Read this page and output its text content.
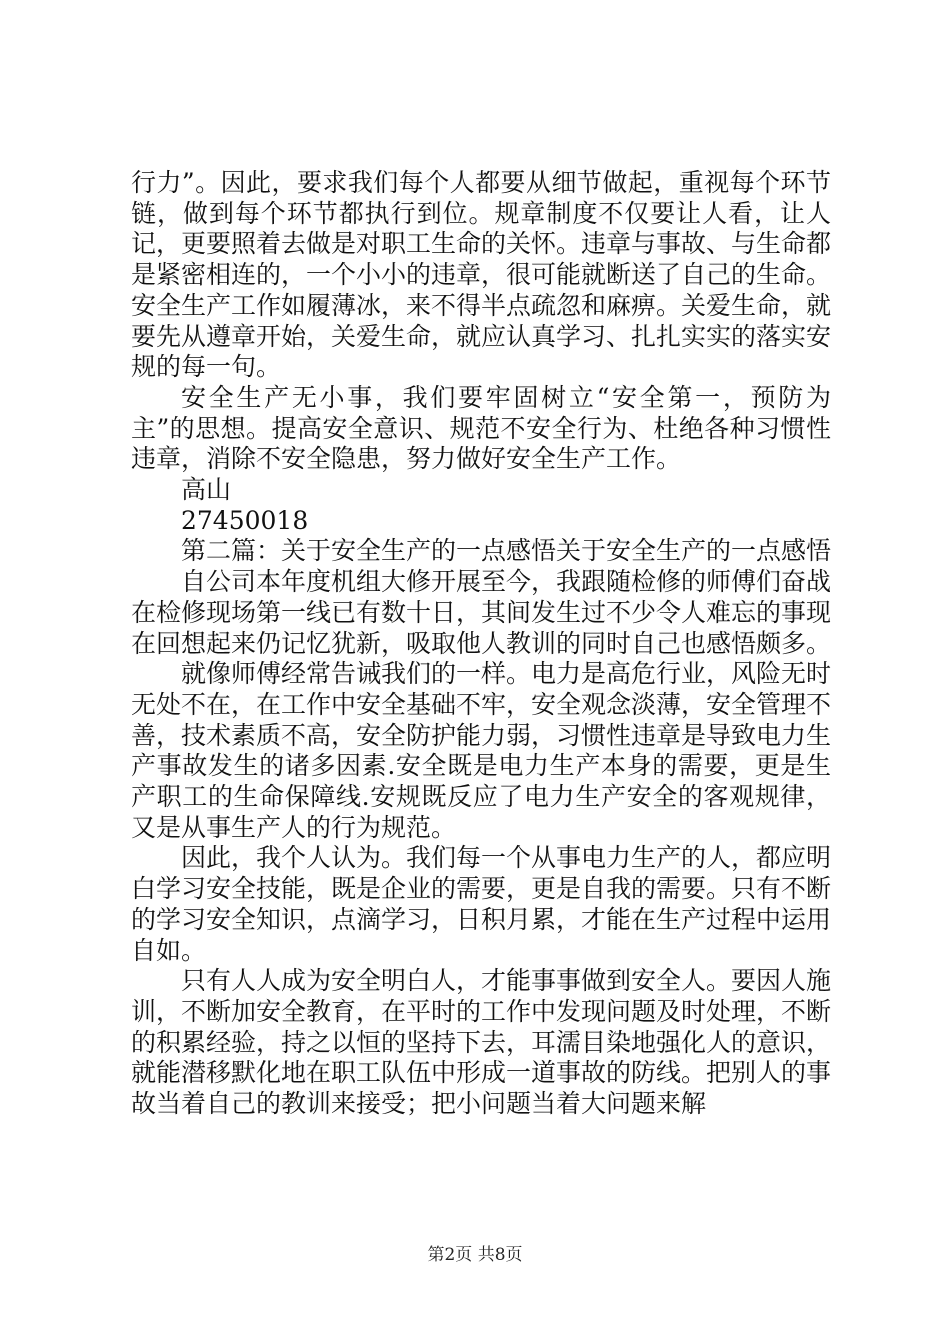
行力”。因此，要求我们每个人都要从细节做起，重视每个环节链，做到每个环节都执行到位。规章制度不仅要让人看，让人记，更要照着去做是对职工生命的关怀。违章与事故、与生命都是紧密相连的，一个小小的违章，很可能就断送了自己的生命。安全生产工作如履薄冰，来不得半点疏忽和麻痹。关爱生命，就要先从遵章开始，关爱生命，就应认真学习、扎扎实实的落实安规的每一句。

安全生产无小事，我们要牢固树立“安全第一，预防为主”的思想。提高安全意识、规范不安全行为、杜绝各种习惯性违章，消除不安全隐患，努力做好安全生产工作。

高山

27450018

第二篇：关于安全生产的一点感悟关于安全生产的一点感悟

自公司本年度机组大修开展至今，我跟随检修的师傅们奋战在检修现场第一线已有数十日，其间发生过不少令人难忘的事现在回想起来仍记忆犹新，吸取他人教训的同时自己也感悟颇多。

就像师傅经常告诫我们的一样。电力是高危行业，风险无时无处不在，在工作中安全基础不牢，安全观念淡薄，安全管理不善，技术素质不高，安全防护能力弱，习惯性违章是导致电力生产事故发生的诸多因素.安全既是电力生产本身的需要，更是生产职工的生命保障线.安规既反应了电力生产安全的客观规律，又是从事生产人的行为规范。

因此，我个人认为。我们每一个从事电力生产的人，都应明白学习安全技能，既是企业的需要，更是自我的需要。只有不断的学习安全知识，点滴学习，日积月累，才能在生产过程中运用自如。

只有人人成为安全明白人，才能事事做到安全人。要因人施训，不断加安全教育，在平时的工作中发现问题及时处理，不断的积累经验，持之以恒的坚持下去，耳濡目染地强化人的意识，就能潜移默化地在职工队伍中形成一道事故的防线。把别人的事故当着自己的教训来接受；把小问题当着大问题来解

第2页 共8页
